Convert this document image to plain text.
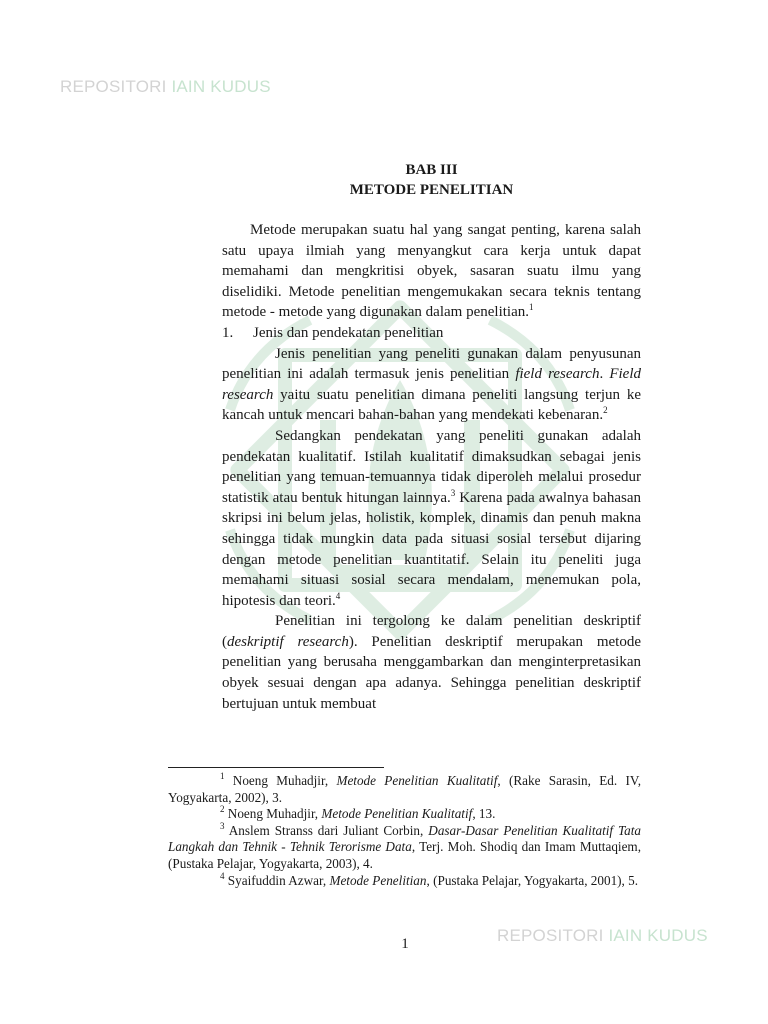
REPOSITORI IAIN KUDUS
BAB III
METODE PENELITIAN

Metode merupakan suatu hal yang sangat penting, karena salah satu upaya ilmiah yang menyangkut cara kerja untuk dapat memahami dan mengkritisi obyek, sasaran suatu ilmu yang diselidiki. Metode penelitian mengemukakan secara teknis tentang metode - metode yang digunakan dalam penelitian.$^1$

1.	Jenis dan pendekatan penelitian

Jenis penelitian yang peneliti gunakan dalam penyusunan penelitian ini adalah termasuk jenis penelitian field research. Field research yaitu suatu penelitian dimana peneliti langsung terjun ke kancah untuk mencari bahan-bahan yang mendekati kebenaran.$^2$

Sedangkan pendekatan yang peneliti gunakan adalah pendekatan kualitatif. Istilah kualitatif dimaksudkan sebagai jenis penelitian yang temuan-temuannya tidak diperoleh melalui prosedur statistik atau bentuk hitungan lainnya.$^3$ Karena pada awalnya bahasan skripsi ini belum jelas, holistik, komplek, dinamis dan penuh makna sehingga tidak mungkin data pada situasi sosial tersebut dijaring dengan metode penelitian kuantitatif. Selain itu peneliti juga memahami situasi sosial secara mendalam, menemukan pola, hipotesis dan teori.$^4$

Penelitian ini tergolong ke dalam penelitian deskriptif (deskriptif research). Penelitian deskriptif merupakan metode penelitian yang berusaha menggambarkan dan menginterpretasikan obyek sesuai dengan apa adanya. Sehingga penelitian deskriptif bertujuan untuk membuat

$^1$ Noeng Muhadjir, Metode Penelitian Kualitatif, (Rake Sarasin, Ed. IV, Yogyakarta, 2002), 3.

$^2$ Noeng Muhadjir, Metode Penelitian Kualitatif, 13.

$^3$ Anslem Stranss dari Juliant Corbin, Dasar-Dasar Penelitian Kualitatif Tata Langkah dan Tehnik - Tehnik Terorisme Data, Terj. Moh. Shodiq dan Imam Muttaqiem, (Pustaka Pelajar, Yogyakarta, 2003), 4.

$^4$ Syaifuddin Azwar, Metode Penelitian, (Pustaka Pelajar, Yogyakarta, 2001), 5.

1	REPOSITORI IAIN KUDUS
